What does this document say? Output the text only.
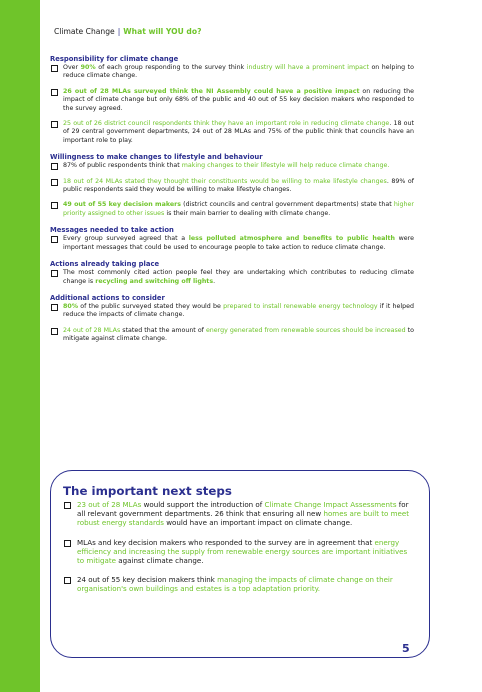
Climate Change | What will YOU do?
Responsibility for climate change
Over 90% of each group responding to the survey think industry will have a prominent impact on helping to reduce climate change.
26 out of 28 MLAs surveyed think the NI Assembly could have a positive impact on reducing the impact of climate change but only 68% of the public and 40 out of 55 key decision makers who responded to the survey agreed.
25 out of 26 district council respondents think they have an important role in reducing climate change. 18 out of 29 central government departments, 24 out of 28 MLAs and 75% of the public think that councils have an important role to play.
Willingness to make changes to lifestyle and behaviour
87% of public respondents think that making changes to their lifestyle will help reduce climate change.
18 out of 24 MLAs stated they thought their constituents would be willing to make lifestyle changes. 89% of public respondents said they would be willing to make lifestyle changes.
49 out of 55 key decision makers (district councils and central government departments) state that higher priority assigned to other issues is their main barrier to dealing with climate change.
Messages needed to take action
Every group surveyed agreed that a less polluted atmosphere and benefits to public health were important messages that could be used to encourage people to take action to reduce climate change.
Actions already taking place
The most commonly cited action people feel they are undertaking which contributes to reducing climate change is recycling and switching off lights.
Additional actions to consider
80% of the public surveyed stated they would be prepared to install renewable energy technology if it helped reduce the impacts of climate change.
24 out of 28 MLAs stated that the amount of energy generated from renewable sources should be increased to mitigate against climate change.
The important next steps
23 out of 28 MLAs would support the introduction of Climate Change Impact Assessments for all relevant government departments. 26 think that ensuring all new homes are built to meet robust energy standards would have an important impact on climate change.
MLAs and key decision makers who responded to the survey are in agreement that energy efficiency and increasing the supply from renewable energy sources are important initiatives to mitigate against climate change.
24 out of 55 key decision makers think managing the impacts of climate change on their organisation's own buildings and estates is a top adaptation priority.
5
